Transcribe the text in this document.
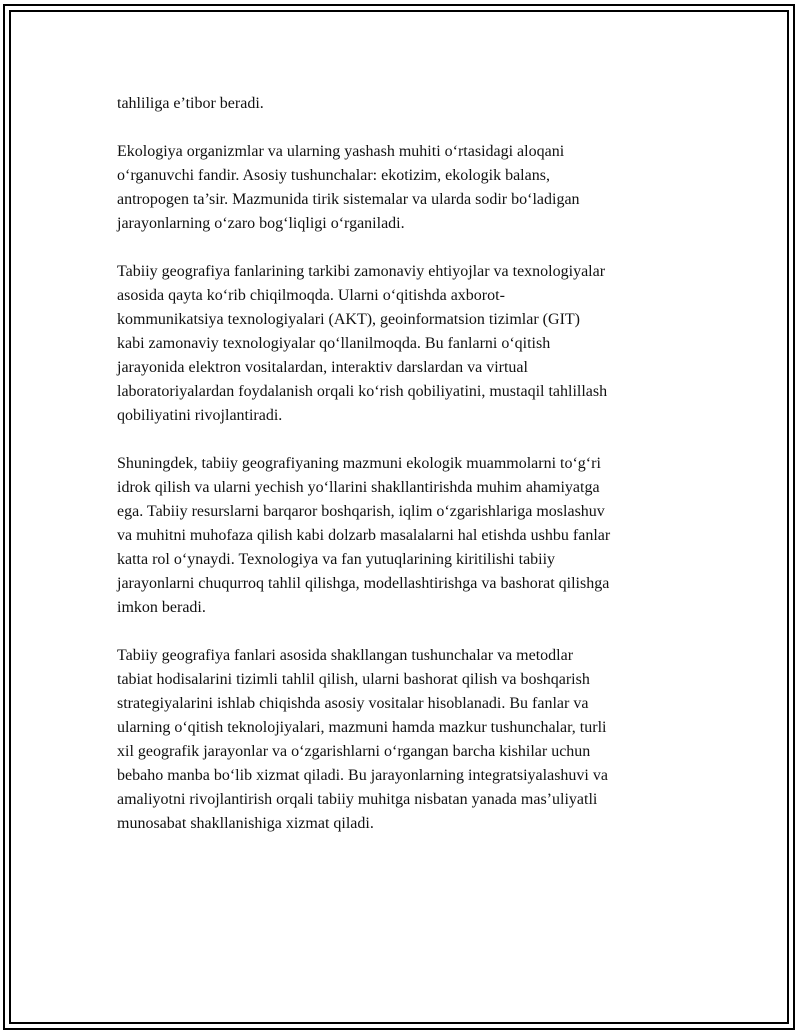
tahliliga e’tibor beradi.
Ekologiya organizmlar va ularning yashash muhiti o‘rtasidagi aloqani
o‘rganuvchi fandir. Asosiy tushunchalar: ekotizim, ekologik balans,
antropogen ta’sir. Mazmunida tirik sistemalar va ularda sodir bo‘ladigan
jarayonlarning o‘zaro bog‘liqligi o‘rganiladi.
Tabiiy geografiya fanlarining tarkibi zamonaviy ehtiyojlar va texnologiyalar
asosida qayta ko‘rib chiqilmoqda. Ularni o‘qitishda axborot-
kommunikatsiya texnologiyalari (AKT), geoinformatsion tizimlar (GIT)
kabi zamonaviy texnologiyalar qo‘llanilmoqda. Bu fanlarni o‘qitish
jarayonida elektron vositalardan, interaktiv darslardan va virtual
laboratoriyalardan foydalanish orqali ko‘rish qobiliyatini, mustaqil tahlillash
qobiliyatini rivojlantiradi.
Shuningdek, tabiiy geografiyaning mazmuni ekologik muammolarni to‘g‘ri
idrok qilish va ularni yechish yo‘llarini shakllantirishda muhim ahamiyatga
ega. Tabiiy resurslarni barqaror boshqarish, iqlim o‘zgarishlariga moslashuv
va muhitni muhofaza qilish kabi dolzarb masalalarni hal etishda ushbu fanlar
katta rol o‘ynaydi. Texnologiya va fan yutuqlarining kiritilishi tabiiy
jarayonlarni chuqurroq tahlil qilishga, modellashtirishga va bashorat qilishga
imkon beradi.
Tabiiy geografiya fanlari asosida shakllangan tushunchalar va metodlar
tabiat hodisalarini tizimli tahlil qilish, ularni bashorat qilish va boshqarish
strategiyalarini ishlab chiqishda asosiy vositalar hisoblanadi. Bu fanlar va
ularning o‘qitish teknolojiyalari, mazmuni hamda mazkur tushunchalar, turli
xil geografik jarayonlar va o‘zgarishlarni o‘rgangan barcha kishilar uchun
bebaho manba bo‘lib xizmat qiladi. Bu jarayonlarning integratsiyalashuvi va
amaliyotni rivojlantirish orqali tabiiy muhitga nisbatan yanada mas’uliyatli
munosabat shakllanishiga xizmat qiladi.
